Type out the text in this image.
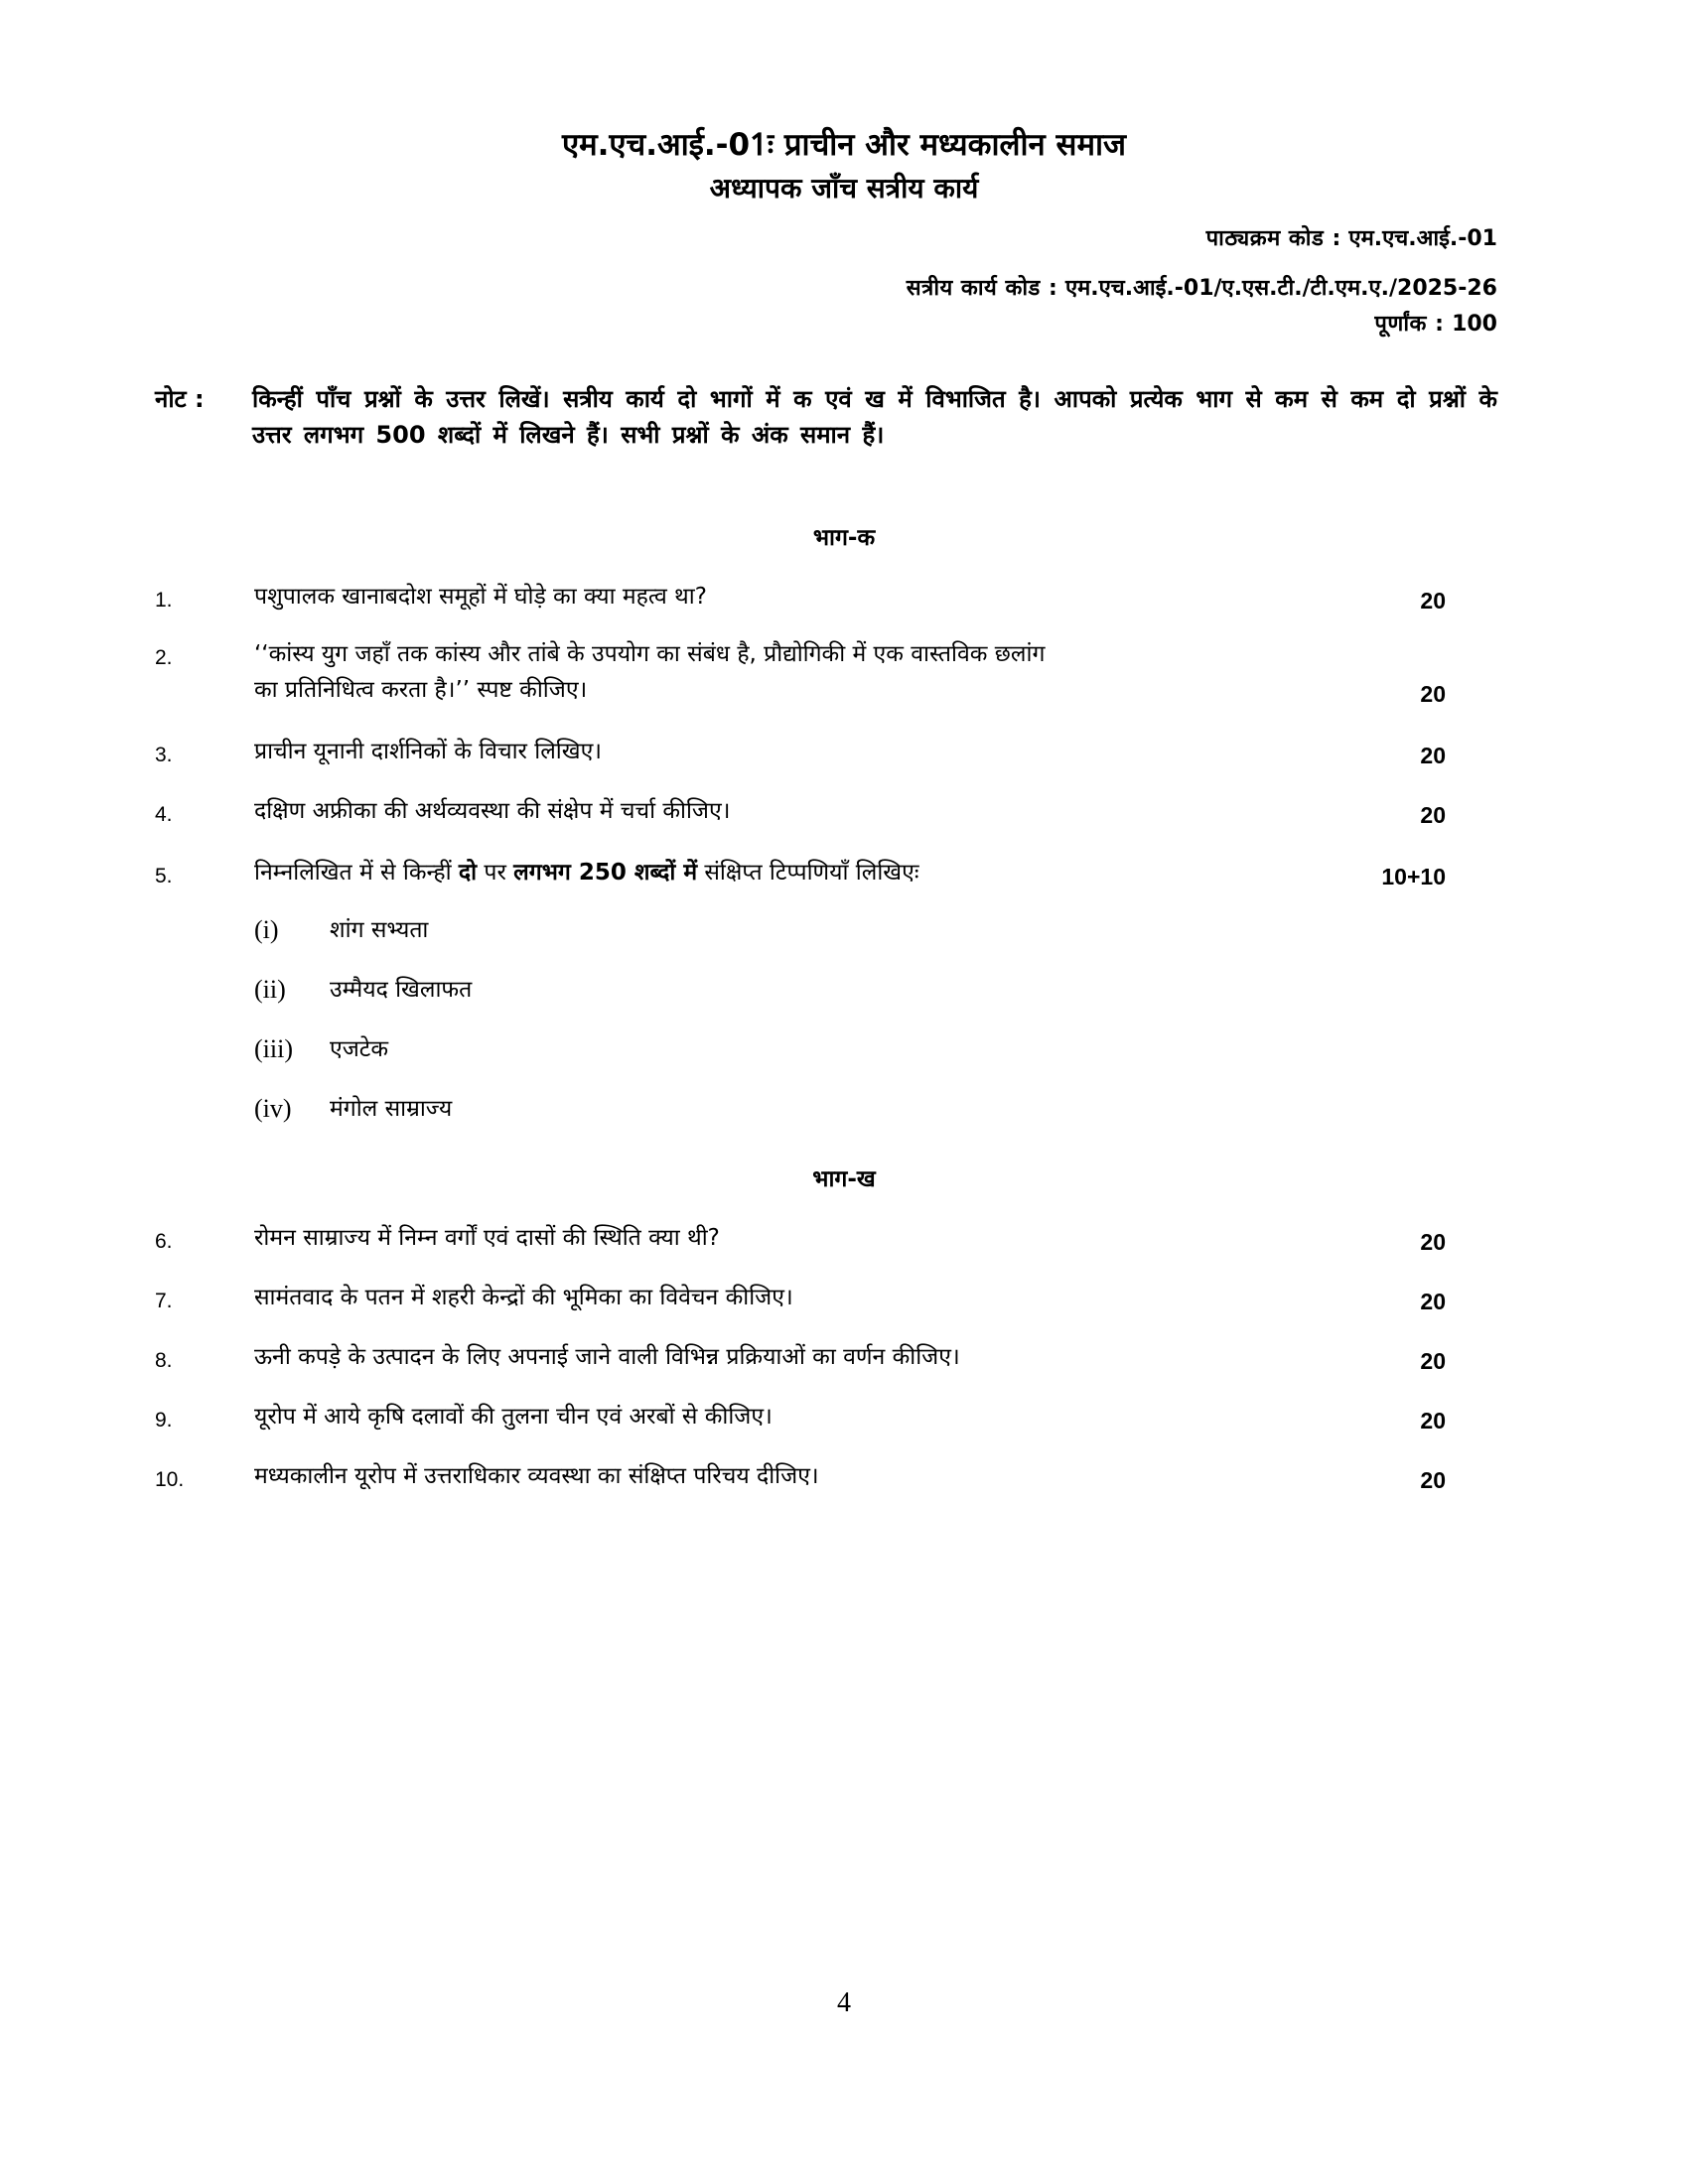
एम.एच.आई.-01ः प्राचीन और मध्यकालीन समाज
अध्यापक जाँच सत्रीय कार्य
पाठ्यक्रम कोड : एम.एच.आई.-01
सत्रीय कार्य कोड : एम.एच.आई.-01/ए.एस.टी./टी.एम.ए./2025-26
पूर्णांक : 100
नोट :	किन्हीं पाँच प्रश्नों के उत्तर लिखें। सत्रीय कार्य दो भागों में क एवं ख में विभाजित है। आपको प्रत्येक भाग से कम से कम दो प्रश्नों के उत्तर लगभग 500 शब्दों में लिखने हैं। सभी प्रश्नों के अंक समान हैं।
भाग-क
1.	पशुपालक खानाबदोश समूहों में घोड़े का क्या महत्व था?	20
2.	‘‘कांस्य युग जहाँ तक कांस्य और तांबे के उपयोग का संबंध है, प्रौद्योगिकी में एक वास्तविक छलांग
का प्रतिनिधित्व करता है।’’ स्पष्ट कीजिए।	20
3.	प्राचीन यूनानी दार्शनिकों के विचार लिखिए।	20
4.	दक्षिण अफ्रीका की अर्थव्यवस्था की संक्षेप में चर्चा कीजिए।	20
5.	निम्नलिखित में से किन्हीं दो पर लगभग 250 शब्दों में संक्षिप्त टिप्पणियाँ लिखिएः	10+10
(i) शांग सभ्यता
(ii) उम्मैयद खिलाफत
(iii) एजटेक
(iv) मंगोल साम्राज्य
भाग-ख
6.	रोमन साम्राज्य में निम्न वर्गों एवं दासों की स्थिति क्या थी?	20
7.	सामंतवाद के पतन में शहरी केन्द्रों की भूमिका का विवेचन कीजिए।	20
8.	ऊनी कपड़े के उत्पादन के लिए अपनाई जाने वाली विभिन्न प्रक्रियाओं का वर्णन कीजिए।	20
9.	यूरोप में आये कृषि दलावों की तुलना चीन एवं अरबों से कीजिए।	20
10.	मध्यकालीन यूरोप में उत्तराधिकार व्यवस्था का संक्षिप्त परिचय दीजिए।	20
4
